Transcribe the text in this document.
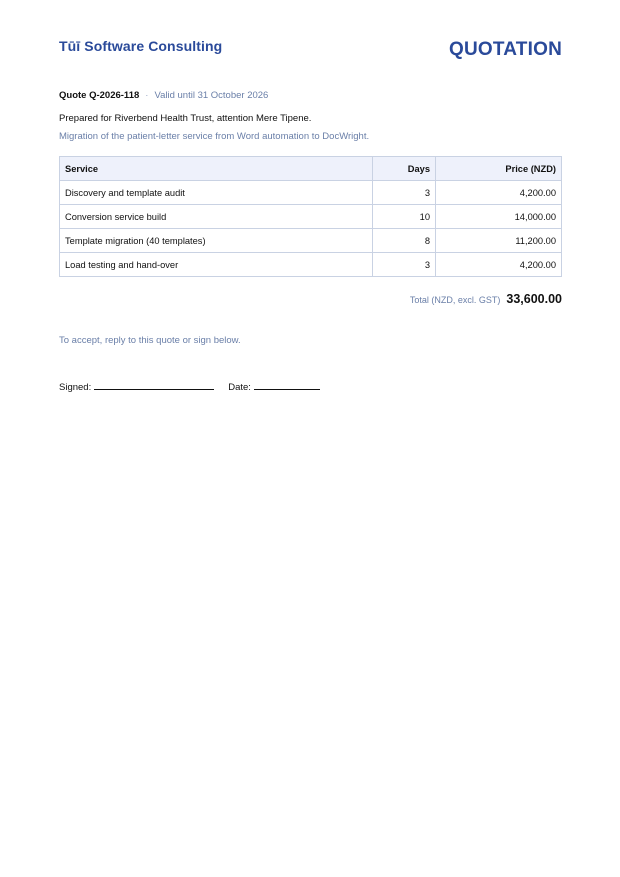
Tūī Software Consulting	QUOTATION
Quote Q-2026-118 · Valid until 31 October 2026
Prepared for Riverbend Health Trust, attention Mere Tipene.
Migration of the patient-letter service from Word automation to DocWright.
Service	Days	Price (NZD)
Discovery and template audit	3	4,200.00
Conversion service build	10	14,000.00
Template migration (40 templates)	8	11,200.00
Load testing and hand-over	3	4,200.00
Total (NZD, excl. GST) 33,600.00
To accept, reply to this quote or sign below.
Signed:	Date:
